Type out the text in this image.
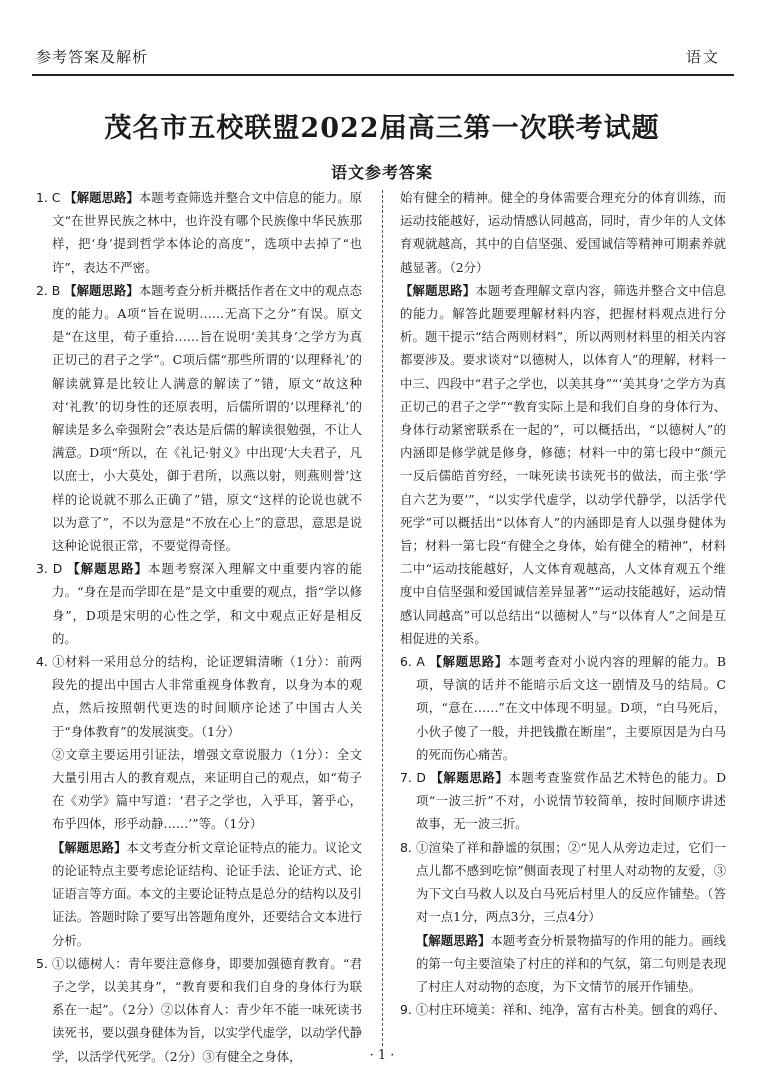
参考答案及解析	语文
茂名市五校联盟2022届高三第一次联考试题
语文参考答案

1. C 【解题思路】本题考查筛选并整合文中信息的能力。原文“在世界民族之林中，也许没有哪个民族像中华民族那样，把‘身’提到哲学本体论的高度”，选项中去掉了“也许”，表达不严密。

2. B 【解题思路】本题考查分析并概括作者在文中的观点态度的能力。A项“旨在说明……无高下之分”有误。原文是“在这里，荀子重拾……旨在说明‘美其身’之学方为真正切己的君子之学”。C项后儒“那些所谓的‘以理释礼’的解读就算是比较让人满意的解读了”错，原文“故这种对‘礼教’的切身性的还原表明，后儒所谓的‘以理释礼’的解读是多么牵强附会”表达是后儒的解读很勉强，不让人满意。D项“所以，在《礼记·射义》中出现‘大夫君子，凡以庶士，小大莫处，御于君所，以燕以射，则燕则誉’这样的论说就不那么正确了”错，原文“这样的论说也就不以为意了”，不以为意是“不放在心上”的意思，意思是说这种论说很正常，不要觉得奇怪。

3. D 【解题思路】本题考察深入理解文中重要内容的能力。“身在是而学即在是”是文中重要的观点，指“学以修身”，D项是宋明的心性之学，和文中观点正好是相反的。

4. ①材料一采用总分的结构，论证逻辑清晰（1分）：前两段先的提出中国古人非常重视身体教育，以身为本的观点，然后按照朝代更迭的时间顺序论述了中国古人关于“身体教育”的发展演变。（1分）

②文章主要运用引证法，增强文章说服力（1分）：全文大量引用古人的教育观点，来证明自己的观点，如“荀子在《劝学》篇中写道：‘君子之学也，入乎耳，箸乎心，布乎四体，形乎动静……’”等。（1分）

【解题思路】本文考查分析文章论证特点的能力。议论文的论证特点主要考虑论证结构、论证手法、论证方式、论证语言等方面。本文的主要论证特点是总分的结构以及引证法。答题时除了要写出答题角度外，还要结合文本进行分析。

5. ①以德树人：青年要注意修身，即要加强德育教育。“君子之学，以美其身”，“教育要和我们自身的身体行为联系在一起”。（2分）②以体育人：青少年不能一味死读书读死书，要以强身健体为旨，以实学代虚学，以动学代静学，以活学代死学。（2分）③有健全之身体，

始有健全的精神。健全的身体需要合理充分的体育训练，而运动技能越好，运动情感认同越高，同时，青少年的人文体育观就越高，其中的自信坚强、爱国诚信等精神可期素养就越显著。（2分）

【解题思路】本题考查理解文章内容，筛选并整合文中信息的能力。解答此题要理解材料内容，把握材料观点进行分析。题干提示“结合两则材料”，所以两则材料里的相关内容都要涉及。要求谈对“以德树人，以体育人”的理解，材料一中三、四段中“君子之学也，以美其身”“‘美其身’之学方为真正切己的君子之学”“教育实际上是和我们自身的身体行为、身体行动紧密联系在一起的”，可以概括出，“以德树人”的内涵即是修学就是修身，修德；材料一中的第七段中“颜元一反后儒皓首穷经，一味死读书读死书的做法，而主张‘学自六艺为要’”，“以实学代虚学，以动学代静学，以活学代死学”可以概括出“以体育人”的内涵即是育人以强身健体为旨；材料一第七段“有健全之身体，始有健全的精神”，材料二中“运动技能越好，人文体育观越高，人文体育观五个维度中自信坚强和爱国诚信差异显著”“运动技能越好，运动情感认同越高”可以总结出“以德树人”与“以体育人”之间是互相促进的关系。

6. A 【解题思路】本题考查对小说内容的理解的能力。B项，导演的话并不能暗示后文这一剧情及马的结局。C项，“意在……”在文中体现不明显。D项，“白马死后，小伙子傻了一般，并把钱撒在断崖”，主要原因是为白马的死而伤心痛苦。

7. D 【解题思路】本题考查鉴赏作品艺术特色的能力。D项“一波三折”不对，小说情节较简单，按时间顺序讲述故事，无一波三折。

8. ①渲染了祥和静谧的氛围；②“见人从旁边走过，它们一点儿都不感到吃惊”侧面表现了村里人对动物的友爱，③为下文白马救人以及白马死后村里人的反应作铺垫。（答对一点1分，两点3分，三点4分）

【解题思路】本题考查分析景物描写的作用的能力。画线的第一句主要渲染了村庄的祥和的气氛，第二句则是表现了村庄人对动物的态度，为下文情节的展开作铺垫。

9. ①村庄环境美：祥和、纯净，富有古朴美。刨食的鸡仔、

· 1 ·
